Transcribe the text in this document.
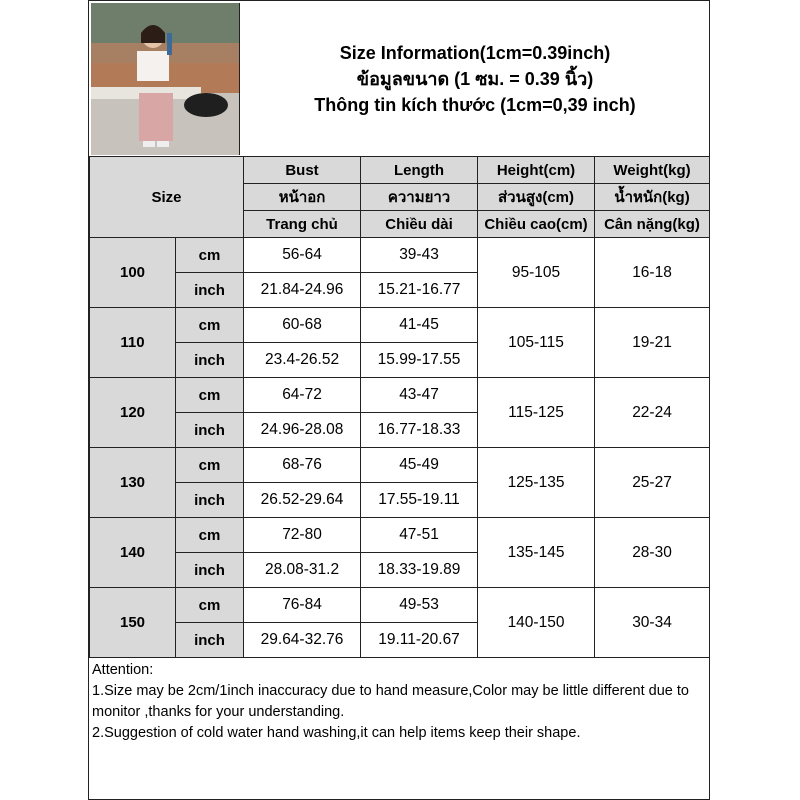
Size Information(1cm=0.39inch)
ข้อมูลขนาด (1 ซม. = 0.39 นิ้ว)
Thông tin kích thước (1cm=0,39 inch)
Size		Bust	Length	Height(cm)	Weight(kg)
		หน้าอก	ความยาว	ส่วนสูง(cm)	น้ำหนัก(kg)
		Trang chủ	Chiều dài	Chiều cao(cm)	Cân nặng(kg)
100	cm	56-64	39-43	95-105	16-18
	inch	21.84-24.96	15.21-16.77		
110	cm	60-68	41-45	105-115	19-21
	inch	23.4-26.52	15.99-17.55		
120	cm	64-72	43-47	115-125	22-24
	inch	24.96-28.08	16.77-18.33		
130	cm	68-76	45-49	125-135	25-27
	inch	26.52-29.64	17.55-19.11		
140	cm	72-80	47-51	135-145	28-30
	inch	28.08-31.2	18.33-19.89		
150	cm	76-84	49-53	140-150	30-34
	inch	29.64-32.76	19.11-20.67		
Attention:
1.Size may be 2cm/1inch inaccuracy due to hand measure,Color may be little different due to monitor ,thanks for your understanding.
2.Suggestion of cold water hand washing,it can help items keep their shape.
